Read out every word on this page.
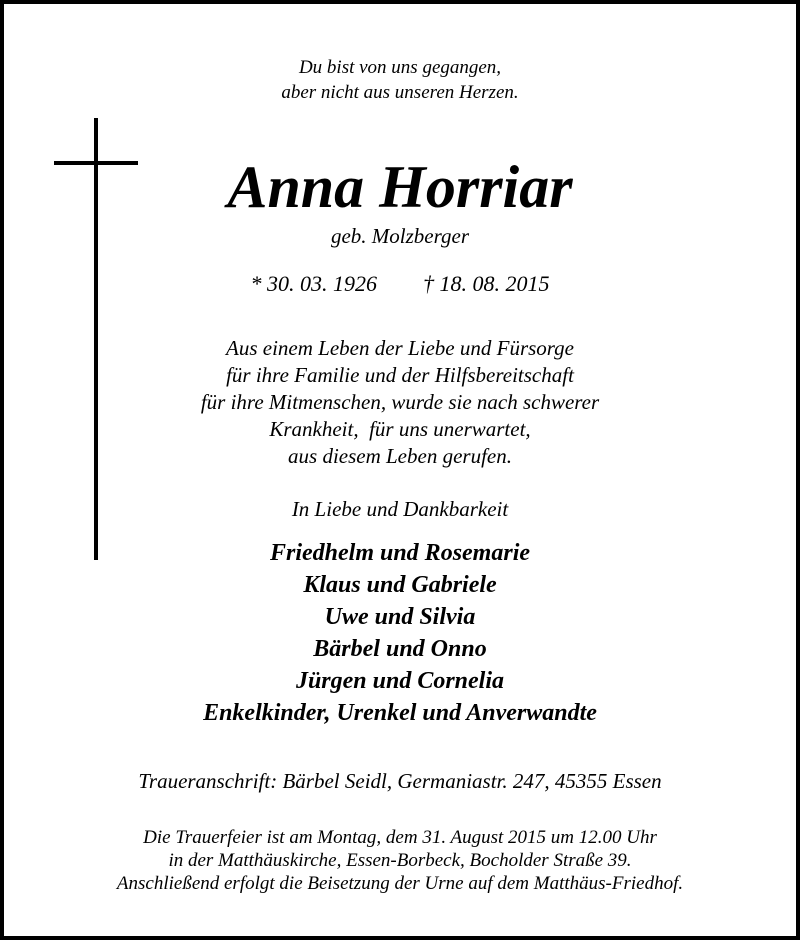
Du bist von uns gegangen,
aber nicht aus unseren Herzen.
Anna Horriar
geb. Molzberger
* 30. 03. 1926 † 18. 08. 2015
Aus einem Leben der Liebe und Fürsorge
für ihre Familie und der Hilfsbereitschaft
für ihre Mitmenschen, wurde sie nach schwerer
Krankheit,  für uns unerwartet,
aus diesem Leben gerufen.
In Liebe und Dankbarkeit
Friedhelm und Rosemarie
Klaus und Gabriele
Uwe und Silvia
Bärbel und Onno
Jürgen und Cornelia
Enkelkinder, Urenkel und Anverwandte
Traueranschrift: Bärbel Seidl, Germaniastr. 247, 45355 Essen
Die Trauerfeier ist am Montag, dem 31. August 2015 um 12.00 Uhr
in der Matthäuskirche, Essen-Borbeck, Bocholder Straße 39.
Anschließend erfolgt die Beisetzung der Urne auf dem Matthäus-Friedhof.
